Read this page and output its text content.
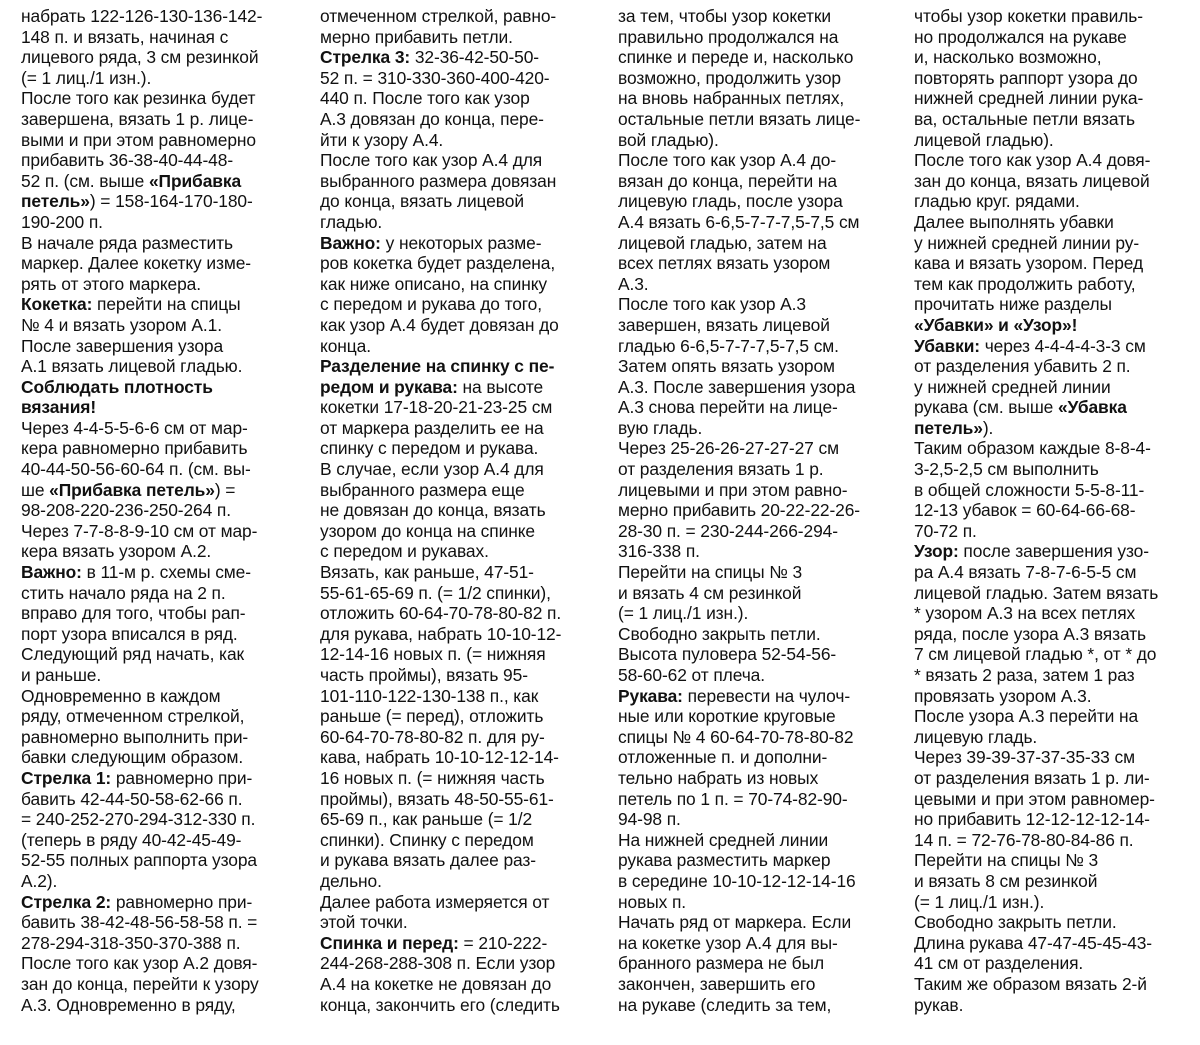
набрать 122-126-130-136-142-
148 п. и вязать, начиная с
лицевого ряда, 3 см резинкой
(= 1 лиц./1 изн.).
После того как резинка будет
завершена, вязать 1 р. лице-
выми и при этом равномерно
прибавить 36-38-40-44-48-
52 п. (см. выше «Прибавка
петель») = 158-164-170-180-
190-200 п.
В начале ряда разместить
маркер. Далее кокетку изме-
рять от этого маркера.
Кокетка: перейти на спицы
№ 4 и вязать узором А.1.
После завершения узора
А.1 вязать лицевой гладью.
Соблюдать плотность
вязания!
Через 4-4-5-5-6-6 см от мар-
кера равномерно прибавить
40-44-50-56-60-64 п. (см. вы-
ше «Прибавка петель») =
98-208-220-236-250-264 п.
Через 7-7-8-8-9-10 см от мар-
кера вязать узором А.2.
Важно: в 11-м р. схемы сме-
стить начало ряда на 2 п.
вправо для того, чтобы рап-
порт узора вписался в ряд.
Следующий ряд начать, как
и раньше.
Одновременно в каждом
ряду, отмеченном стрелкой,
равномерно выполнить при-
бавки следующим образом.
Стрелка 1: равномерно при-
бавить 42-44-50-58-62-66 п.
= 240-252-270-294-312-330 п.
(теперь в ряду 40-42-45-49-
52-55 полных раппорта узора
А.2).
Стрелка 2: равномерно при-
бавить 38-42-48-56-58-58 п. =
278-294-318-350-370-388 п.
После того как узор А.2 довя-
зан до конца, перейти к узору
А.3. Одновременно в ряду,
отмеченном стрелкой, равно-
мерно прибавить петли.
Стрелка 3: 32-36-42-50-50-
52 п. = 310-330-360-400-420-
440 п. После того как узор
А.3 довязан до конца, пере-
йти к узору А.4.
После того как узор А.4 для
выбранного размера довязан
до конца, вязать лицевой
гладью.
Важно: у некоторых разме-
ров кокетка будет разделена,
как ниже описано, на спинку
с передом и рукава до того,
как узор А.4 будет довязан до
конца.
Разделение на спинку с пе-
редом и рукава: на высоте
кокетки 17-18-20-21-23-25 см
от маркера разделить ее на
спинку с передом и рукава.
В случае, если узор А.4 для
выбранного размера еще
не довязан до конца, вязать
узором до конца на спинке
с передом и рукавах.
Вязать, как раньше, 47-51-
55-61-65-69 п. (= 1/2 спинки),
отложить 60-64-70-78-80-82 п.
для рукава, набрать 10-10-12-
12-14-16 новых п. (= нижняя
часть проймы), вязать 95-
101-110-122-130-138 п., как
раньше (= перед), отложить
60-64-70-78-80-82 п. для ру-
кава, набрать 10-10-12-12-14-
16 новых п. (= нижняя часть
проймы), вязать 48-50-55-61-
65-69 п., как раньше (= 1/2
спинки). Спинку с передом
и рукава вязать далее раз-
дельно.
Далее работа измеряется от
этой точки.
Спинка и перед: = 210-222-
244-268-288-308 п. Если узор
А.4 на кокетке не довязан до
конца, закончить его (следить
за тем, чтобы узор кокетки
правильно продолжался на
спинке и переде и, насколько
возможно, продолжить узор
на вновь набранных петлях,
остальные петли вязать лице-
вой гладью).
После того как узор А.4 до-
вязан до конца, перейти на
лицевую гладь, после узора
А.4 вязать 6-6,5-7-7-7,5-7,5 см
лицевой гладью, затем на
всех петлях вязать узором
А.3.
После того как узор А.3
завершен, вязать лицевой
гладью 6-6,5-7-7-7,5-7,5 см.
Затем опять вязать узором
А.3. После завершения узора
А.3 снова перейти на лице-
вую гладь.
Через 25-26-26-27-27-27 см
от разделения вязать 1 р.
лицевыми и при этом равно-
мерно прибавить 20-22-22-26-
28-30 п. = 230-244-266-294-
316-338 п.
Перейти на спицы № 3
и вязать 4 см резинкой
(= 1 лиц./1 изн.).
Свободно закрыть петли.
Высота пуловера 52-54-56-
58-60-62 от плеча.
Рукава: перевести на чулоч-
ные или короткие круговые
спицы № 4 60-64-70-78-80-82
отложенные п. и дополни-
тельно набрать из новых
петель по 1 п. = 70-74-82-90-
94-98 п.
На нижней средней линии
рукава разместить маркер
в середине 10-10-12-12-14-16
новых п.
Начать ряд от маркера. Если
на кокетке узор А.4 для вы-
бранного размера не был
закончен, завершить его
на рукаве (следить за тем,
чтобы узор кокетки правиль-
но продолжался на рукаве
и, насколько возможно,
повторять раппорт узора до
нижней средней линии рука-
ва, остальные петли вязать
лицевой гладью).
После того как узор А.4 довя-
зан до конца, вязать лицевой
гладью круг. рядами.
Далее выполнять убавки
у нижней средней линии ру-
кава и вязать узором. Перед
тем как продолжить работу,
прочитать ниже разделы
«Убавки» и «Узор»!
Убавки: через 4-4-4-4-3-3 см
от разделения убавить 2 п.
у нижней средней линии
рукава (см. выше «Убавка
петель»).
Таким образом каждые 8-8-4-
3-2,5-2,5 см выполнить
в общей сложности 5-5-8-11-
12-13 убавок = 60-64-66-68-
70-72 п.
Узор: после завершения узо-
ра А.4 вязать 7-8-7-6-5-5 см
лицевой гладью. Затем вязать
* узором А.3 на всех петлях
ряда, после узора А.3 вязать
7 см лицевой гладью *, от * до
* вязать 2 раза, затем 1 раз
провязать узором А.3.
После узора А.3 перейти на
лицевую гладь.
Через 39-39-37-37-35-33 см
от разделения вязать 1 р. ли-
цевыми и при этом равномер-
но прибавить 12-12-12-12-14-
14 п. = 72-76-78-80-84-86 п.
Перейти на спицы № 3
и вязать 8 см резинкой
(= 1 лиц./1 изн.).
Свободно закрыть петли.
Длина рукава 47-47-45-45-43-
41 см от разделения.
Таким же образом вязать 2-й
рукав.
